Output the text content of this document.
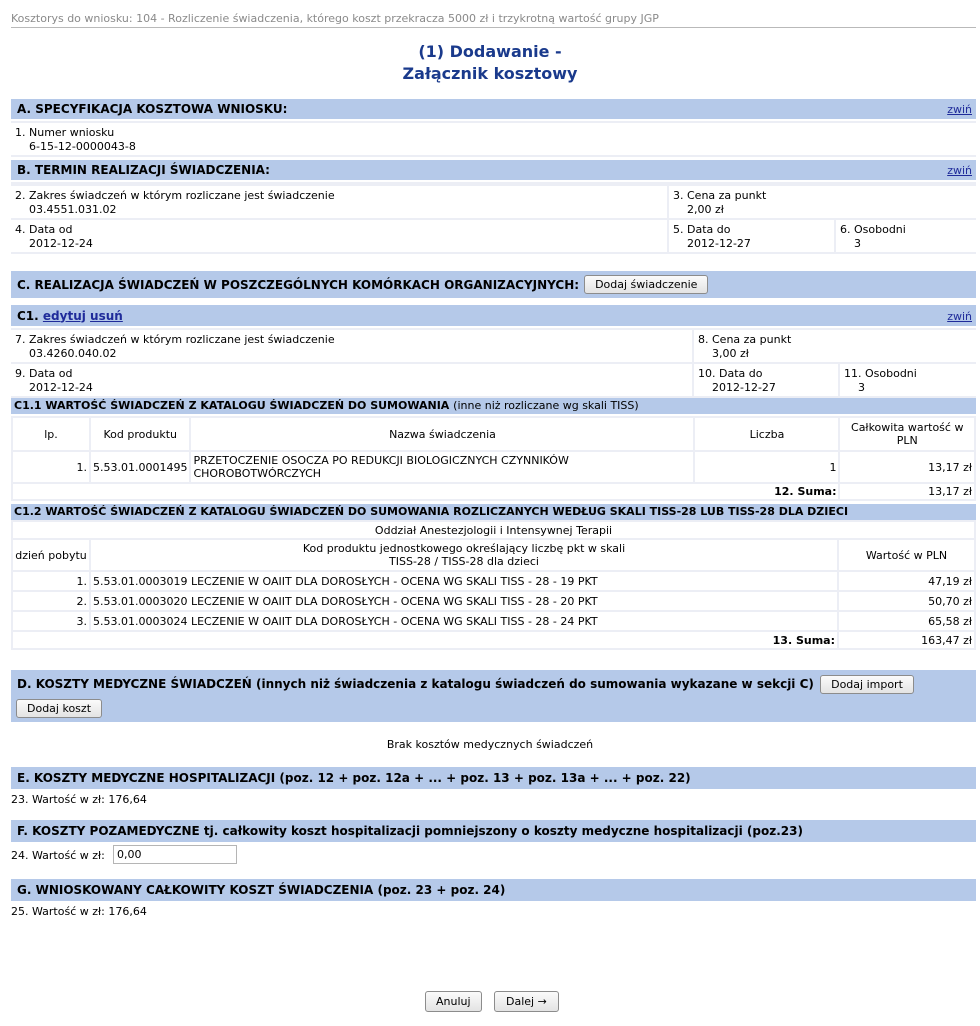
Kosztorys do wniosku: 104 - Rozliczenie świadczenia, którego koszt przekracza 5000 zł i trzykrotną wartość grupy JGP
(1) Dodawanie -
Załącznik kosztowy
A. SPECYFIKACJA KOSZTOWA WNIOSKU:	zwiń
1. Numer wniosku
6-15-12-0000043-8
B. TERMIN REALIZACJI ŚWIADCZENIA:	zwiń
2. Zakres świadczeń w którym rozliczane jest świadczenie
03.4551.031.02
3. Cena za punkt
2,00 zł
4. Data od
2012-12-24
5. Data do
2012-12-27
6. Osobodni
3
C. REALIZACJA ŚWIADCZEŃ W POSZCZEGÓLNYCH KOMÓRKACH ORGANIZACYJNYCH:	Dodaj świadczenie
C1.
edytuj
usuń	zwiń
7. Zakres świadczeń w którym rozliczane jest świadczenie
03.4260.040.02
8. Cena za punkt
3,00 zł
9. Data od
2012-12-24
10. Data do
2012-12-27
11. Osobodni
3
C1.1 WARTOŚĆ ŚWIADCZEŃ Z KATALOGU ŚWIADCZEŃ DO SUMOWANIA (inne niż rozliczane wg skali TISS)
lp.	Kod produktu	Nazwa świadczenia	Liczba	Całkowita wartość w PLN
1.	5.53.01.0001495	PRZETOCZENIE OSOCZA PO REDUKCJI BIOLOGICZNYCH CZYNNIKÓW CHOROBOTWÓRCZYCH	1	13,17 zł
12. Suma:				13,17 zł
C1.2 WARTOŚĆ ŚWIADCZEŃ Z KATALOGU ŚWIADCZEŃ DO SUMOWANIA ROZLICZANYCH WEDŁUG SKALI TISS-28 LUB TISS-28 DLA DZIECI
Oddział Anestezjologii i Intensywnej Terapii		
dzień pobytu	Kod produktu jednostkowego określający liczbę pkt w skali TISS-28 / TISS-28 dla dzieci	Wartość w PLN
1.	5.53.01.0003019 LECZENIE W OAIIT DLA DOROSŁYCH - OCENA WG SKALI TISS - 28 - 19 PKT	47,19 zł
2.	5.53.01.0003020 LECZENIE W OAIIT DLA DOROSŁYCH - OCENA WG SKALI TISS - 28 - 20 PKT	50,70 zł
3.	5.53.01.0003024 LECZENIE W OAIIT DLA DOROSŁYCH - OCENA WG SKALI TISS - 28 - 24 PKT	65,58 zł
13. Suma:		163,47 zł
D. KOSZTY MEDYCZNE ŚWIADCZEŃ (innych niż świadczenia z katalogu świadczeń do sumowania wykazane w sekcji C) Dodaj import
Dodaj koszt
Brak kosztów medycznych świadczeń
E. KOSZTY MEDYCZNE HOSPITALIZACJI (poz. 12 + poz. 12a + ... + poz. 13 + poz. 13a + ... + poz. 22)
23. Wartość w zł: 176,64
F. KOSZTY POZAMEDYCZNE tj. całkowity koszt hospitalizacji pomniejszony o koszty medyczne hospitalizacji (poz.23)
24. Wartość w zł:	0,00
G. WNIOSKOWANY CAŁKOWITY KOSZT ŚWIADCZENIA (poz. 23 + poz. 24)
25. Wartość w zł: 176,64
Anuluj	Dalej →
